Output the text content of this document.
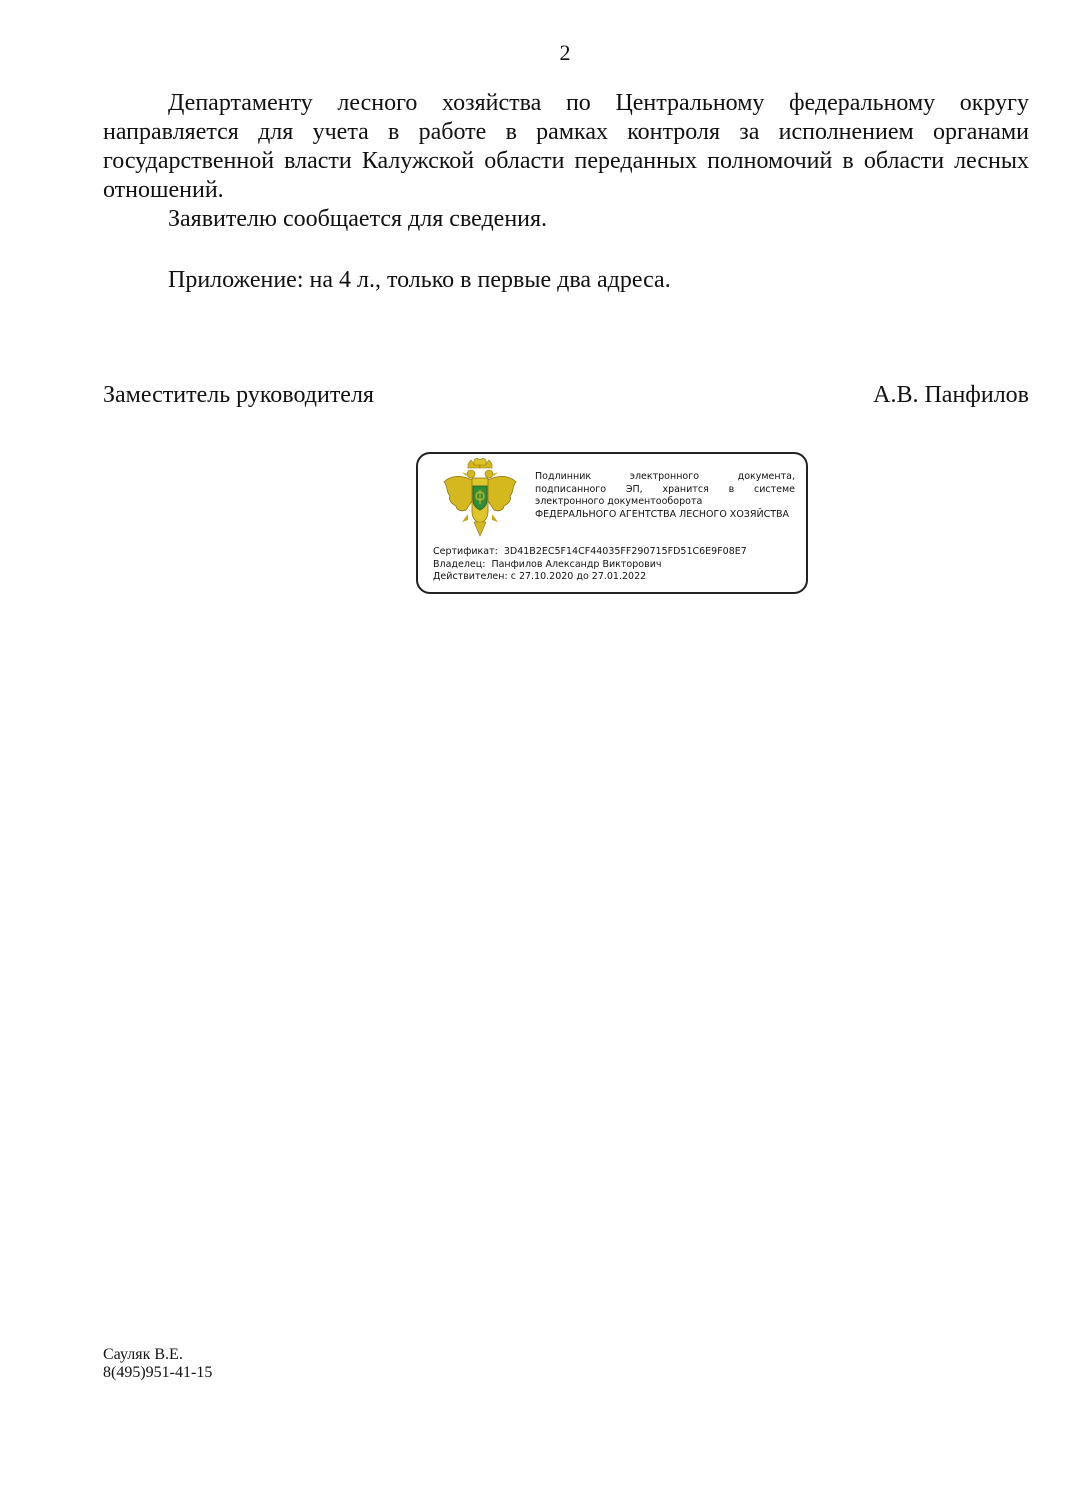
2

Департаменту лесного хозяйства по Центральному федеральному округу направляется для учета в работе в рамках контроля за исполнением органами государственной власти Калужской области переданных полномочий в области лесных отношений.

Заявителю сообщается для сведения.

Приложение: на 4 л., только в первые два адреса.

Заместитель руководителя	А.В. Панфилов
Подлинник электронного документа, подписанного ЭП, хранится в системе электронного документооборота
ФЕДЕРАЛЬНОГО АГЕНТСТВА ЛЕСНОГО ХОЗЯЙСТВА
Сертификат: 3D41B2EC5F14CF44035FF290715FD51C6E9F08E7
Владелец: Панфилов Александр Викторович
Действителен: с 27.10.2020 до 27.01.2022
Сауляк В.Е.
8(495)951-41-15
